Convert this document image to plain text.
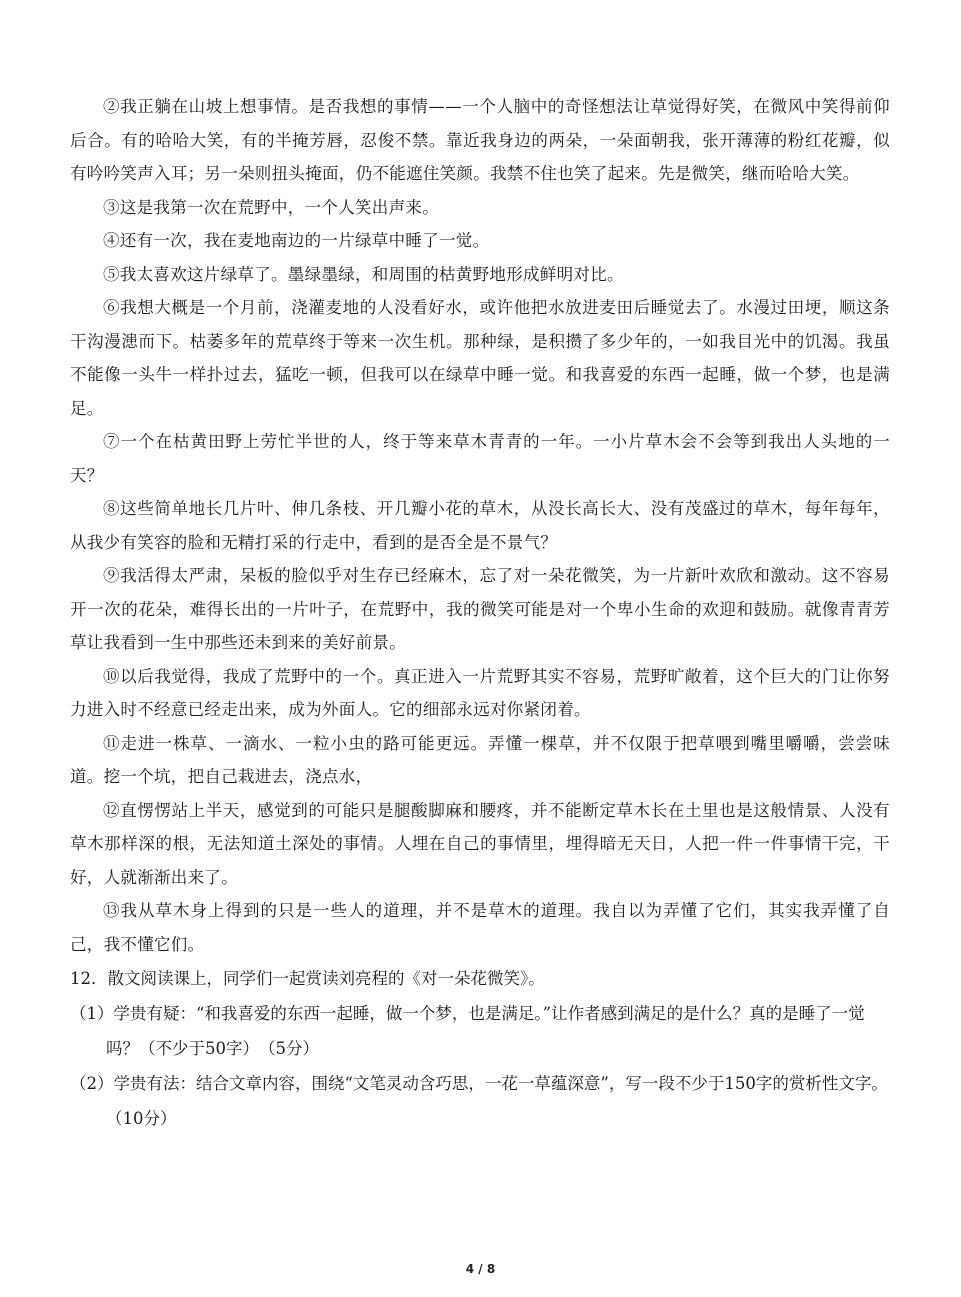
②我正躺在山坡上想事情。是否我想的事情——一个人脑中的奇怪想法让草觉得好笑，在微风中笑得前仰后合。有的哈哈大笑，有的半掩芳唇，忍俊不禁。靠近我身边的两朵，一朵面朝我，张开薄薄的粉红花瓣，似有吟吟笑声入耳；另一朵则扭头掩面，仍不能遮住笑颜。我禁不住也笑了起来。先是微笑，继而哈哈大笑。

③这是我第一次在荒野中，一个人笑出声来。

④还有一次，我在麦地南边的一片绿草中睡了一觉。

⑤我太喜欢这片绿草了。墨绿墨绿，和周围的枯黄野地形成鲜明对比。

⑥我想大概是一个月前，浇灌麦地的人没看好水，或许他把水放进麦田后睡觉去了。水漫过田埂，顺这条干沟漫漶而下。枯萎多年的荒草终于等来一次生机。那种绿，是积攒了多少年的，一如我目光中的饥渴。我虽不能像一头牛一样扑过去，猛吃一顿，但我可以在绿草中睡一觉。和我喜爱的东西一起睡，做一个梦，也是满足。

⑦一个在枯黄田野上劳忙半世的人，终于等来草木青青的一年。一小片草木会不会等到我出人头地的一天？

⑧这些简单地长几片叶、伸几条枝、开几瓣小花的草木，从没长高长大、没有茂盛过的草木，每年每年，从我少有笑容的脸和无精打采的行走中，看到的是否全是不景气？

⑨我活得太严肃，呆板的脸似乎对生存已经麻木，忘了对一朵花微笑，为一片新叶欢欣和激动。这不容易开一次的花朵，难得长出的一片叶子，在荒野中，我的微笑可能是对一个卑小生命的欢迎和鼓励。就像青青芳草让我看到一生中那些还未到来的美好前景。

⑩以后我觉得，我成了荒野中的一个。真正进入一片荒野其实不容易，荒野旷敞着，这个巨大的门让你努力进入时不经意已经走出来，成为外面人。它的细部永远对你紧闭着。

⑪走进一株草、一滴水、一粒小虫的路可能更远。弄懂一棵草，并不仅限于把草喂到嘴里嚼嚼，尝尝味道。挖一个坑，把自己栽进去，浇点水，

⑫直愣愣站上半天，感觉到的可能只是腿酸脚麻和腰疼，并不能断定草木长在土里也是这般情景、人没有草木那样深的根，无法知道土深处的事情。人埋在自己的事情里，埋得暗无天日，人把一件一件事情干完，干好，人就渐渐出来了。

⑬我从草木身上得到的只是一些人的道理，并不是草木的道理。我自以为弄懂了它们，其实我弄懂了自己，我不懂它们。

12．散文阅读课上，同学们一起赏读刘亮程的《对一朵花微笑》。

（1）学贵有疑：“和我喜爱的东西一起睡，做一个梦，也是满足。”让作者感到满足的是什么？真的是睡了一觉吗？（不少于50字）　（5分）

（2）学贵有法：结合文章内容，围绕“文笔灵动含巧思，一花一草蕴深意”，写一段不少于150字的赏析性文字。（10分）

4 / 8
